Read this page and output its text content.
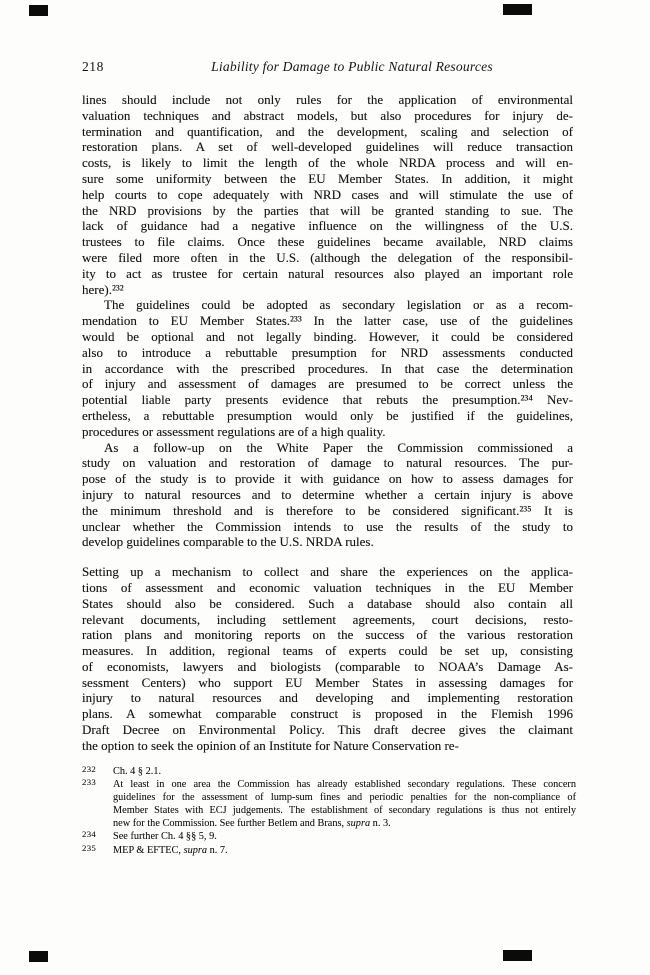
218	Liability for Damage to Public Natural Resources
lines should include not only rules for the application of environmental
valuation techniques and abstract models, but also procedures for injury de-
termination and quantification, and the development, scaling and selection of
restoration plans. A set of well-developed guidelines will reduce transaction
costs, is likely to limit the length of the whole NRDA process and will en-
sure some uniformity between the EU Member States. In addition, it might
help courts to cope adequately with NRD cases and will stimulate the use of
the NRD provisions by the parties that will be granted standing to sue. The
lack of guidance had a negative influence on the willingness of the U.S.
trustees to file claims. Once these guidelines became available, NRD claims
were filed more often in the U.S. (although the delegation of the responsibil-
ity to act as trustee for certain natural resources also played an important role
here).²³²
The guidelines could be adopted as secondary legislation or as a recom-
mendation to EU Member States.²³³ In the latter case, use of the guidelines
would be optional and not legally binding. However, it could be considered
also to introduce a rebuttable presumption for NRD assessments conducted
in accordance with the prescribed procedures. In that case the determination
of injury and assessment of damages are presumed to be correct unless the
potential liable party presents evidence that rebuts the presumption.²³⁴ Nev-
ertheless, a rebuttable presumption would only be justified if the guidelines,
procedures or assessment regulations are of a high quality.
As a follow-up on the White Paper the Commission commissioned a
study on valuation and restoration of damage to natural resources. The pur-
pose of the study is to provide it with guidance on how to assess damages for
injury to natural resources and to determine whether a certain injury is above
the minimum threshold and is therefore to be considered significant.²³⁵ It is
unclear whether the Commission intends to use the results of the study to
develop guidelines comparable to the U.S. NRDA rules.
Setting up a mechanism to collect and share the experiences on the applica-
tions of assessment and economic valuation techniques in the EU Member
States should also be considered. Such a database should also contain all
relevant documents, including settlement agreements, court decisions, resto-
ration plans and monitoring reports on the success of the various restoration
measures. In addition, regional teams of experts could be set up, consisting
of economists, lawyers and biologists (comparable to NOAA’s Damage As-
sessment Centers) who support EU Member States in assessing damages for
injury to natural resources and developing and implementing restoration
plans. A somewhat comparable construct is proposed in the Flemish 1996
Draft Decree on Environmental Policy. This draft decree gives the claimant
the option to seek the opinion of an Institute for Nature Conservation re-
232 Ch. 4 § 2.1.
233 At least in one area the Commission has already established secondary regulations. These concern
guidelines for the assessment of lump-sum fines and periodic penalties for the non-compliance of
Member States with ECJ judgements. The establishment of secondary regulations is thus not entirely
new for the Commission. See further Betlem and Brans, supra n. 3.
234 See further Ch. 4 §§ 5, 9.
235 MEP & EFTEC, supra n. 7.
